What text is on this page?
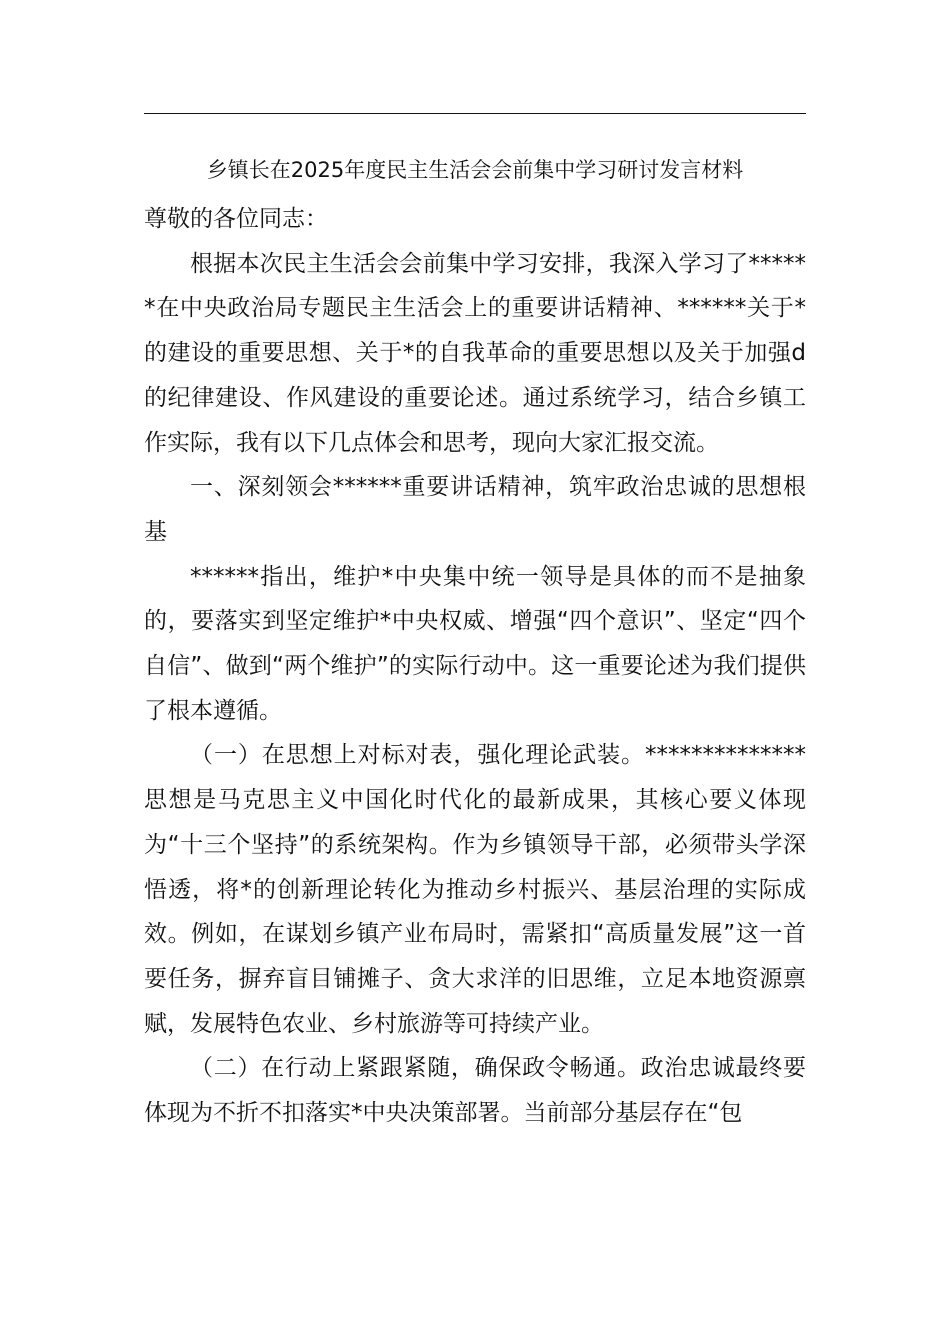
乡镇长在2025年度民主生活会会前集中学习研讨发言材料

尊敬的各位同志：

根据本次民主生活会会前集中学习安排，我深入学习了******在中央政治局专题民主生活会上的重要讲话精神、******关于*的建设的重要思想、关于*的自我革命的重要思想以及关于加强d的纪律建设、作风建设的重要论述。通过系统学习，结合乡镇工作实际，我有以下几点体会和思考，现向大家汇报交流。

一、深刻领会******重要讲话精神，筑牢政治忠诚的思想根基

******指出，维护*中央集中统一领导是具体的而不是抽象的，要落实到坚定维护*中央权威、增强“四个意识”、坚定“四个自信”、做到“两个维护”的实际行动中。这一重要论述为我们提供了根本遵循。

（一）在思想上对标对表，强化理论武装。**************思想是马克思主义中国化时代化的最新成果，其核心要义体现为“十三个坚持”的系统架构。作为乡镇领导干部，必须带头学深悟透，将*的创新理论转化为推动乡村振兴、基层治理的实际成效。例如，在谋划乡镇产业布局时，需紧扣“高质量发展”这一首要任务，摒弃盲目铺摊子、贪大求洋的旧思维，立足本地资源禀赋，发展特色农业、乡村旅游等可持续产业。

（二）在行动上紧跟紧随，确保政令畅通。政治忠诚最终要体现为不折不扣落实*中央决策部署。当前部分基层存在“包
